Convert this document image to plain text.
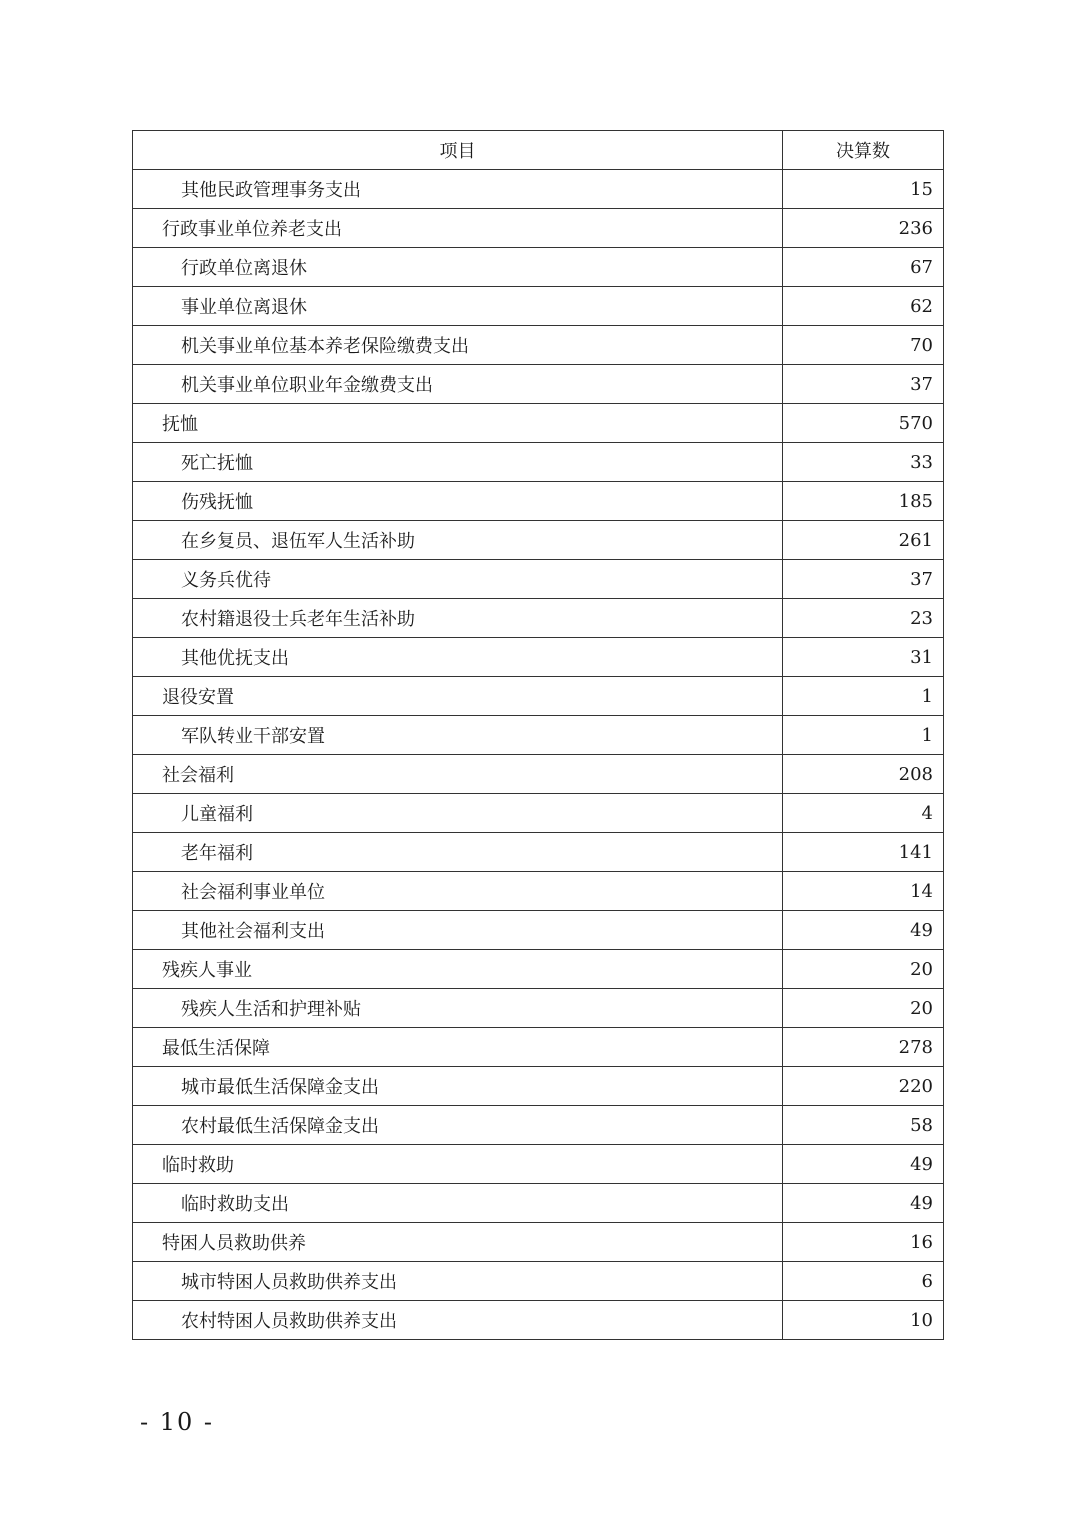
项目	决算数
其他民政管理事务支出	15
行政事业单位养老支出	236
行政单位离退休	67
事业单位离退休	62
机关事业单位基本养老保险缴费支出	70
机关事业单位职业年金缴费支出	37
抚恤	570
死亡抚恤	33
伤残抚恤	185
在乡复员、退伍军人生活补助	261
义务兵优待	37
农村籍退役士兵老年生活补助	23
其他优抚支出	31
退役安置	1
军队转业干部安置	1
社会福利	208
儿童福利	4
老年福利	141
社会福利事业单位	14
其他社会福利支出	49
残疾人事业	20
残疾人生活和护理补贴	20
最低生活保障	278
城市最低生活保障金支出	220
农村最低生活保障金支出	58
临时救助	49
临时救助支出	49
特困人员救助供养	16
城市特困人员救助供养支出	6
农村特困人员救助供养支出	10
- 10 -
